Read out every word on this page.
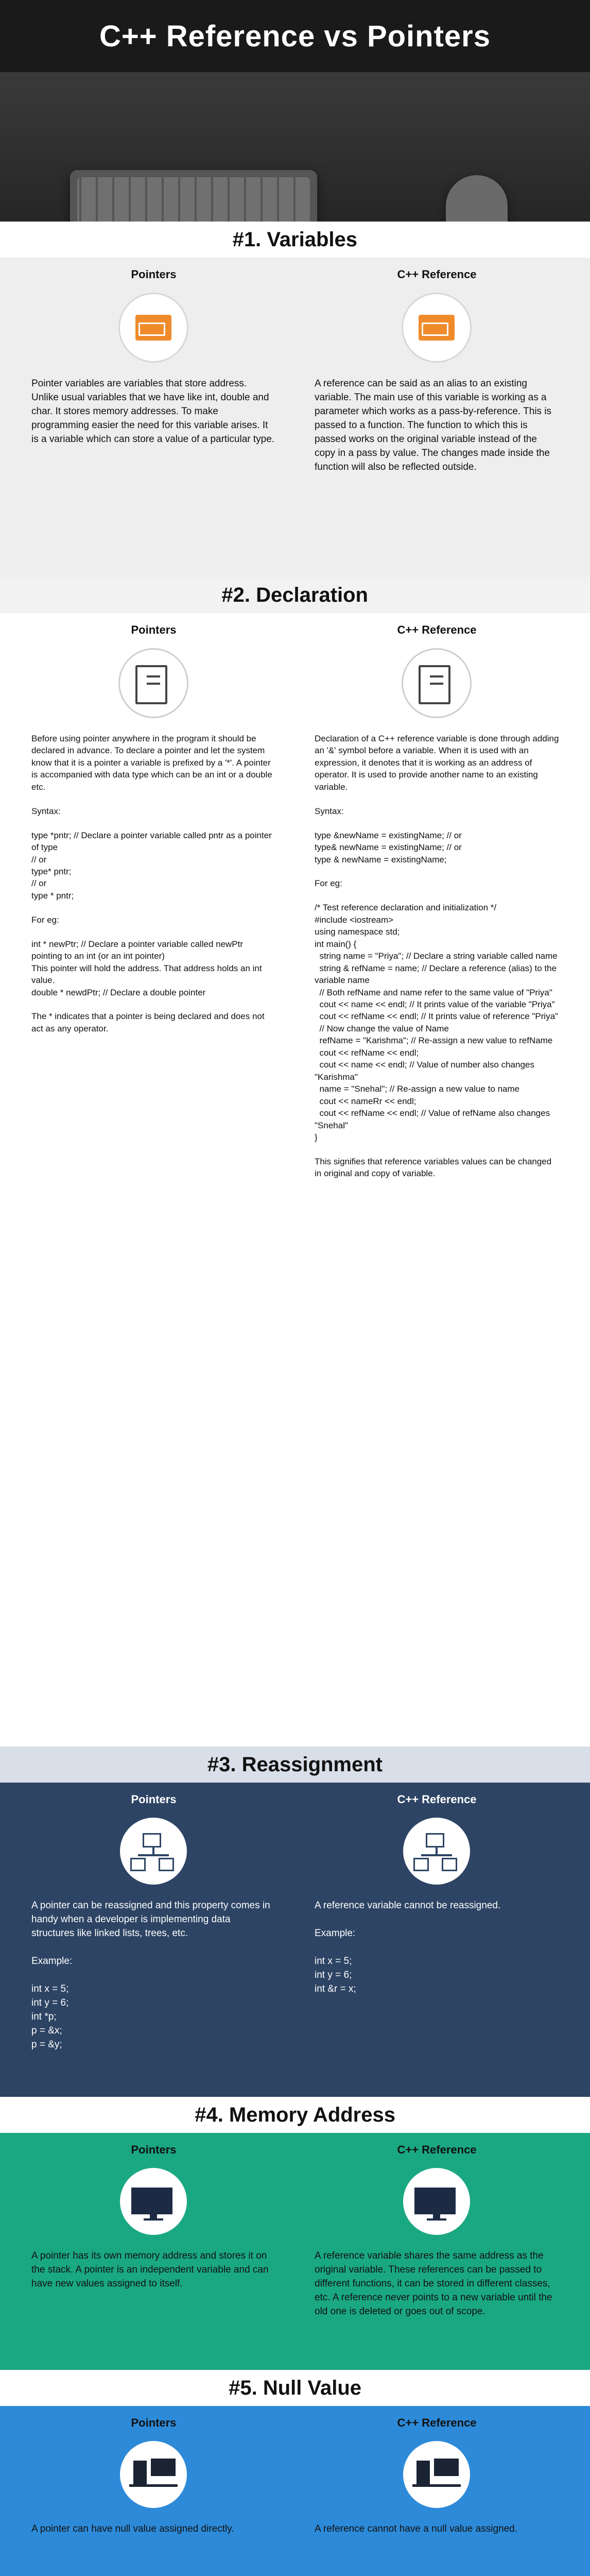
C++ Reference vs Pointers
#1. Variables
C++ Reference
A reference can be said as an alias to an existing variable. The main use of this variable is working as a parameter which works as a pass-by-reference. This is passed to a function. The function to which this is passed works on the original variable instead of the copy in a pass by value. The changes made inside the function will also be reflected outside.
Pointers
Pointer variables are variables that store address. Unlike usual variables that we have like int, double and char. It stores memory addresses. To make programming easier the need for this variable arises. It is a variable which can store a value of a particular type.
#2. Declaration
C++ Reference
Declaration of a C++ reference variable is done through adding an '&' symbol before a variable. When it is used with an expression, it denotes that it is working as an address of operator. It is used to provide another name to an existing variable.

Syntax:

type &newName = existingName; // or
type& newName = existingName; // or
type & newName = existingName;

For eg:

/* Test reference declaration and initialization */
#include <iostream>
using namespace std;
int main() {
string name = "Priya"; // Declare a string variable called name
string & refName = name; // Declare a reference (alias) to the variable name
// Both refName and name refer to the same value of "Priya"
cout << name << endl; // It prints value of the variable "Priya"
cout << refName << endl; // It prints value of reference "Priya"
// Now change the value of Name
refName = "Karishma"; // Re-assign a new value to refName
cout << refName << endl;
cout << name << endl; // Value of number also changes "Karishma"
name = "Snehal"; // Re-assign a new value to name
cout << nameRr << endl;
cout << refName << endl; // Value of refName also changes "Snehal"
}

This signifies that reference variables values can be changed in original and copy of variable.
Pointers
Before using pointer anywhere in the program it should be declared in advance. To declare a pointer and let the system know that it is a pointer a variable is prefixed by a '*'. A pointer is accompanied with data type which can be an int or a double etc.

Syntax:

type *pntr; // Declare a pointer variable called pntr as a pointer of type
// or
type* pntr;
// or
type * pntr;

For eg:

int * newPtr; // Declare a pointer variable called newPtr pointing to an int (or an int pointer)
This pointer will hold the address. That address holds an int value.
double * newdPtr; // Declare a double pointer

The * indicates that a pointer is being declared and does not act as any operator.
#3. Reassignment
C++ Reference
A reference variable cannot be reassigned.

Example:

int x = 5;
int y = 6;
int &r = x;
Pointers
A pointer can be reassigned and this property comes in handy when a developer is implementing data structures like linked lists, trees, etc.

Example:

int x = 5;
int y = 6;
int *p;
p = &x;
p = &y;
#4. Memory Address
C++ Reference
A reference variable shares the same address as the original variable. These references can be passed to different functions, it can be stored in different classes, etc. A reference never points to a new variable until the old one is deleted or goes out of scope.
Pointers
A pointer has its own memory address and stores it on the stack. A pointer is an independent variable and can have new values assigned to itself.
#5. Null Value
C++ Reference
A reference cannot have a null value assigned.
Pointers
A pointer can have null value assigned directly.
